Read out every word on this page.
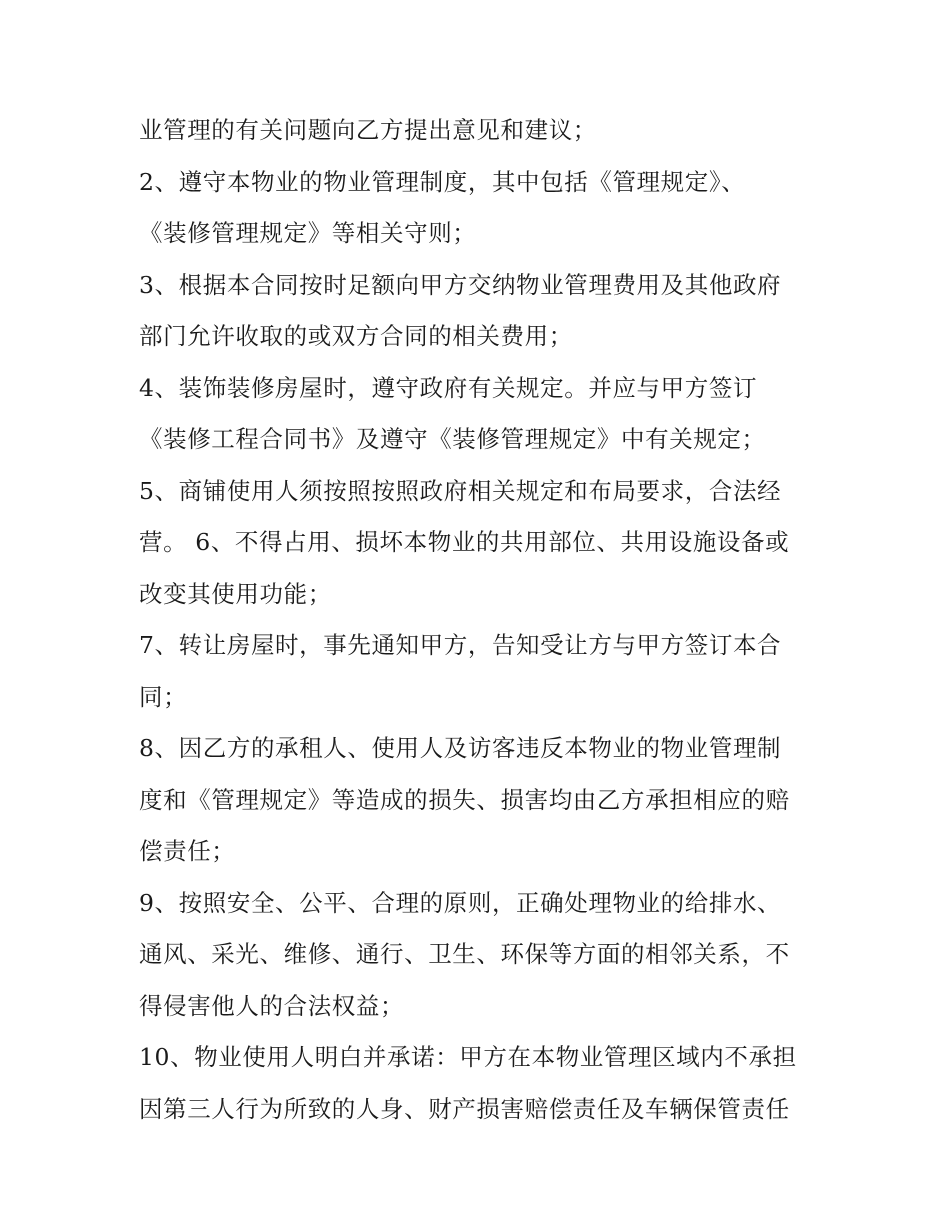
业管理的有关问题向乙方提出意见和建议；
2、遵守本物业的物业管理制度，其中包括《管理规定》、
《装修管理规定》等相关守则；
3、根据本合同按时足额向甲方交纳物业管理费用及其他政府
部门允许收取的或双方合同的相关费用；
4、装饰装修房屋时，遵守政府有关规定。并应与甲方签订
《装修工程合同书》及遵守《装修管理规定》中有关规定；
5、商铺使用人须按照按照政府相关规定和布局要求，合法经
营。 6、不得占用、损坏本物业的共用部位、共用设施设备或
改变其使用功能；
7、转让房屋时，事先通知甲方，告知受让方与甲方签订本合
同；
8、因乙方的承租人、使用人及访客违反本物业的物业管理制
度和《管理规定》等造成的损失、损害均由乙方承担相应的赔
偿责任；
9、按照安全、公平、合理的原则，正确处理物业的给排水、
通风、采光、维修、通行、卫生、环保等方面的相邻关系，不
得侵害他人的合法权益；
10、物业使用人明白并承诺：甲方在本物业管理区域内不承担
因第三人行为所致的人身、财产损害赔偿责任及车辆保管责任
